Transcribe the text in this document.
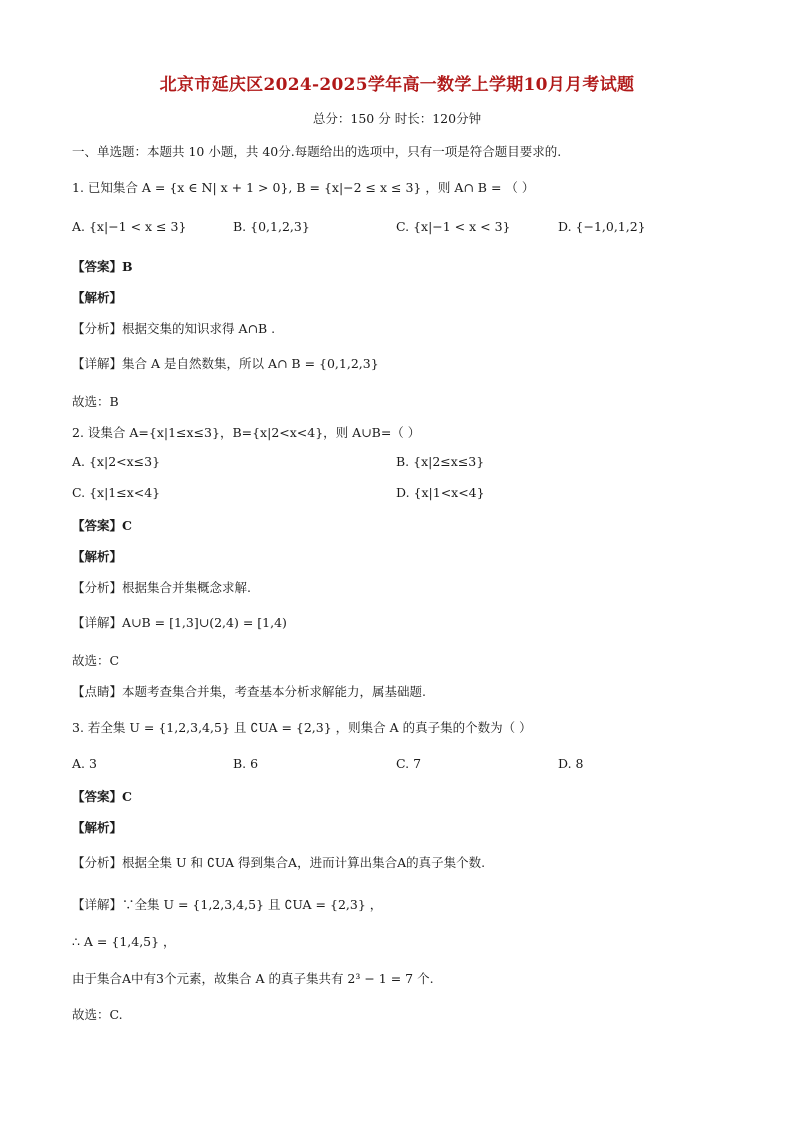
北京市延庆区2024-2025学年高一数学上学期10月月考试题
总分：150 分 时长：120分钟
一、单选题：本题共 10 小题，共 40分.每题给出的选项中，只有一项是符合题目要求的.
1. 已知集合 A = {x ∈ N| x + 1 > 0}, B = {x|−2 ≤ x ≤ 3} ，则 A∩ B = （ ）
A. {x|−1 < x ≤ 3}	B. {0,1,2,3}	C. {x|−1 < x < 3}	D. {−1,0,1,2}
【答案】B
【解析】
【分析】根据交集的知识求得 A∩B .
【详解】集合 A 是自然数集，所以 A∩ B = {0,1,2,3}
故选：B
2. 设集合 A={x|1≤x≤3}，B={x|2<x<4}，则 A∪B=（ ）
A. {x|2<x≤3}	B. {x|2≤x≤3}
C. {x|1≤x<4}	D. {x|1<x<4}
【答案】C
【解析】
【分析】根据集合并集概念求解.
【详解】A∪B = [1,3]∪(2,4) = [1,4)
故选：C
【点睛】本题考查集合并集，考查基本分析求解能力，属基础题.
3. 若全集 U = {1,2,3,4,5} 且 ∁UA = {2,3} ，则集合 A 的真子集的个数为（ ）
A. 3	B. 6	C. 7	D. 8
【答案】C
【解析】
【分析】根据全集 U 和 ∁UA 得到集合A，进而计算出集合A的真子集个数.
【详解】∵全集 U = {1,2,3,4,5} 且 ∁UA = {2,3} ，
∴ A = {1,4,5} ，
由于集合A中有3个元素，故集合 A 的真子集共有 2³ − 1 = 7 个.
故选：C.
